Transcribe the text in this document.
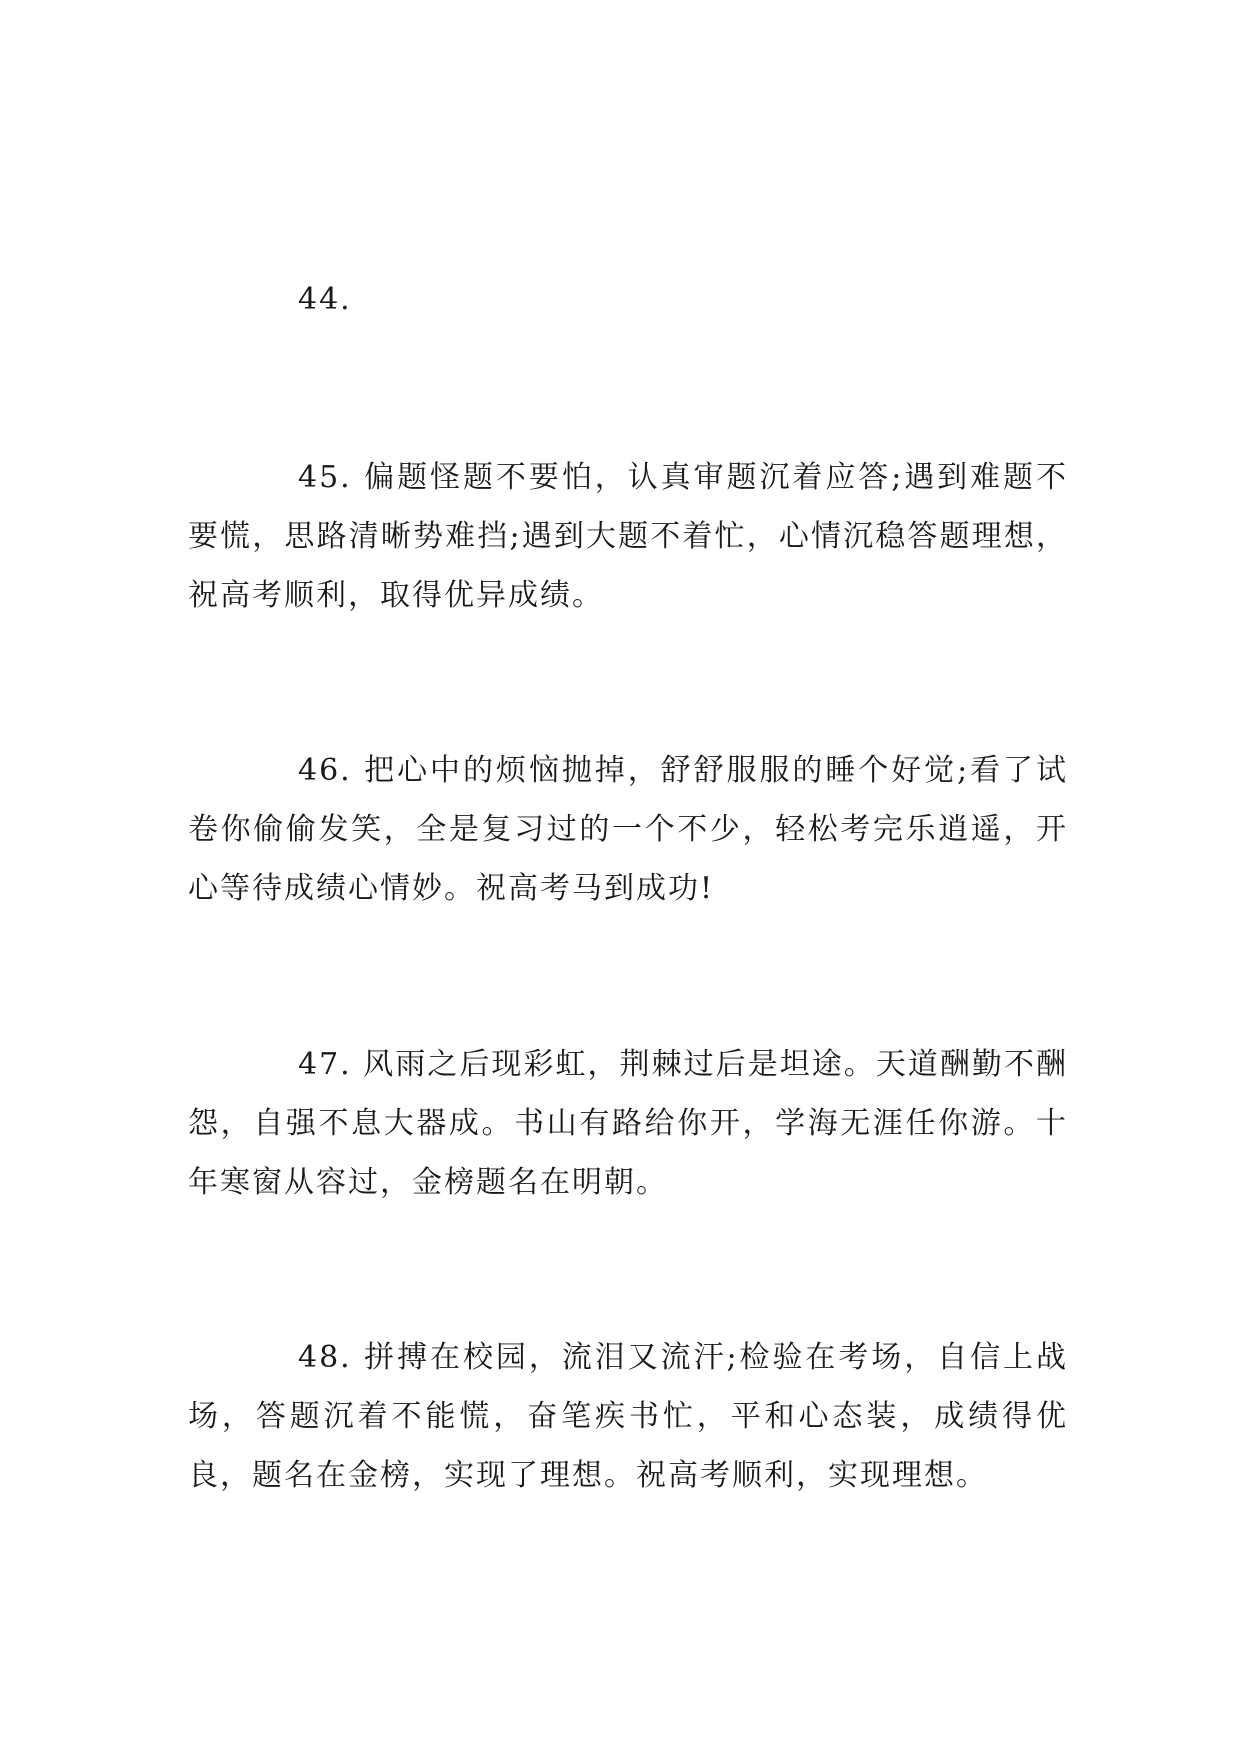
44.

45. 偏题怪题不要怕，认真审题沉着应答;遇到难题不要慌，思路清晰势难挡;遇到大题不着忙，心情沉稳答题理想，祝高考顺利，取得优异成绩。

46. 把心中的烦恼抛掉，舒舒服服的睡个好觉;看了试卷你偷偷发笑，全是复习过的一个不少，轻松考完乐逍遥，开心等待成绩心情妙。祝高考马到成功!

47. 风雨之后现彩虹，荆棘过后是坦途。天道酬勤不酬怨，自强不息大器成。书山有路给你开，学海无涯任你游。十年寒窗从容过，金榜题名在明朝。

48. 拼搏在校园，流泪又流汗;检验在考场，自信上战场，答题沉着不能慌，奋笔疾书忙，平和心态装，成绩得优良，题名在金榜，实现了理想。祝高考顺利，实现理想。
